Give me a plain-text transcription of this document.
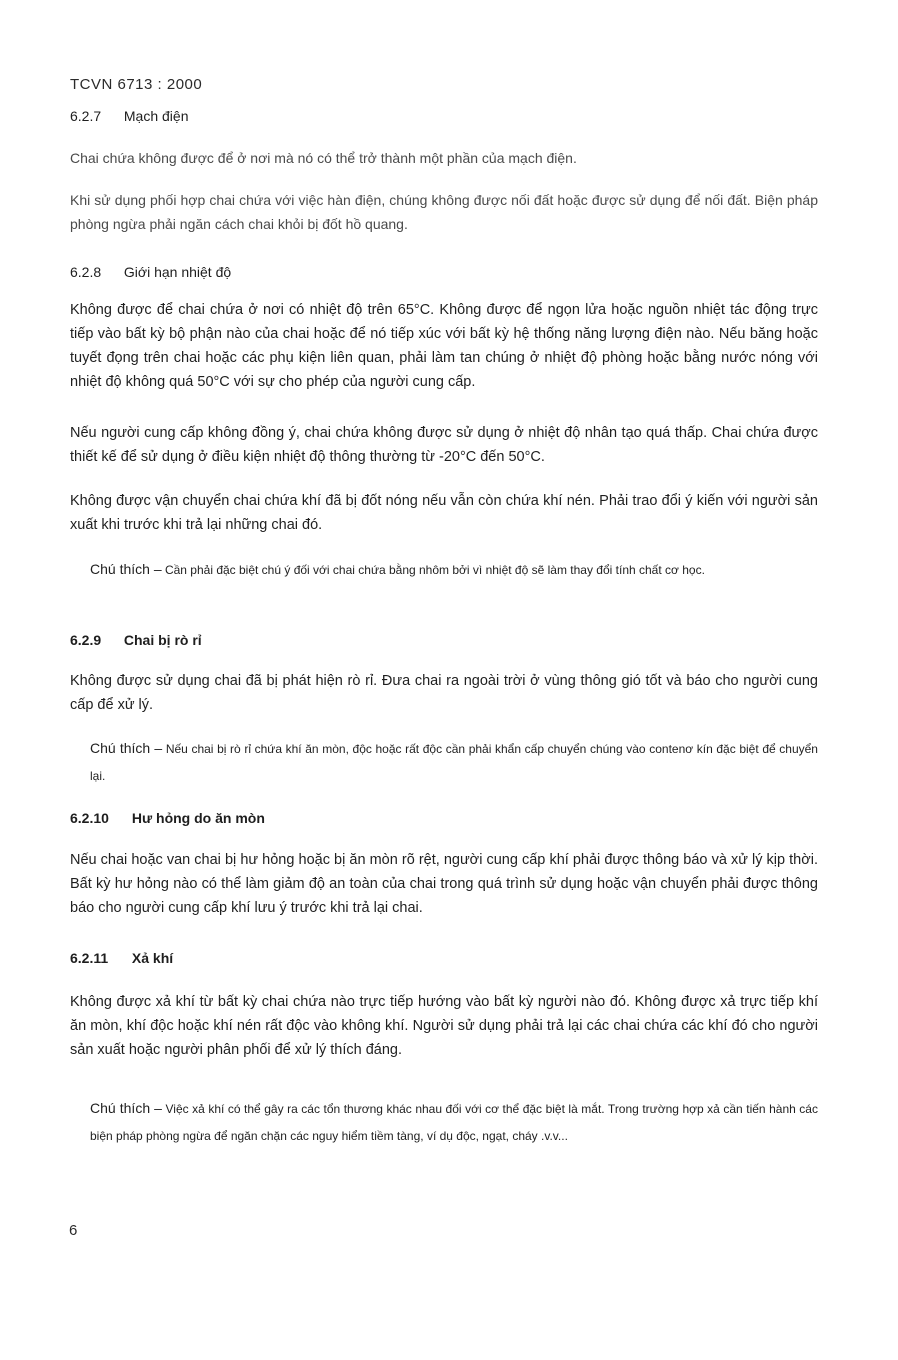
TCVN 6713 : 2000
6.2.7 Mạch điện
Chai chứa không được để ở nơi mà nó có thể trở thành một phần của mạch điện.
Khi sử dụng phối hợp chai chứa với việc hàn điện, chúng không được nối đất hoặc được sử dụng để nối đất. Biện pháp phòng ngừa phải ngăn cách chai khỏi bị đốt hồ quang.
6.2.8 Giới hạn nhiệt độ
Không được để chai chứa ở nơi có nhiệt độ trên 65°C. Không được để ngọn lửa hoặc nguồn nhiệt tác động trực tiếp vào bất kỳ bộ phận nào của chai hoặc để nó tiếp xúc với bất kỳ hệ thống năng lượng điện nào. Nếu băng hoặc tuyết đọng trên chai hoặc các phụ kiện liên quan, phải làm tan chúng ở nhiệt độ phòng hoặc bằng nước nóng với nhiệt độ không quá 50°C với sự cho phép của người cung cấp.
Nếu người cung cấp không đồng ý, chai chứa không được sử dụng ở nhiệt độ nhân tạo quá thấp. Chai chứa được thiết kế để sử dụng ở điều kiện nhiệt độ thông thường từ -20°C đến 50°C.
Không được vận chuyển chai chứa khí đã bị đốt nóng nếu vẫn còn chứa khí nén. Phải trao đổi ý kiến với người sản xuất khi trước khi trả lại những chai đó.
Chú thích – Cần phải đặc biệt chú ý đối với chai chứa bằng nhôm bởi vì nhiệt độ sẽ làm thay đổi tính chất cơ học.
6.2.9 Chai bị rò rỉ
Không được sử dụng chai đã bị phát hiện rò rỉ. Đưa chai ra ngoài trời ở vùng thông gió tốt và báo cho người cung cấp để xử lý.
Chú thích – Nếu chai bị rò rỉ chứa khí ăn mòn, độc hoặc rất độc cần phải khẩn cấp chuyển chúng vào contenơ kín đặc biệt để chuyển lại.
6.2.10 Hư hỏng do ăn mòn
Nếu chai hoặc van chai bị hư hỏng hoặc bị ăn mòn rõ rệt, người cung cấp khí phải được thông báo và xử lý kịp thời. Bất kỳ hư hỏng nào có thể làm giảm độ an toàn của chai trong quá trình sử dụng hoặc vận chuyển phải được thông báo cho người cung cấp khí lưu ý trước khi trả lại chai.
6.2.11 Xả khí
Không được xả khí từ bất kỳ chai chứa nào trực tiếp hướng vào bất kỳ người nào đó. Không được xả trực tiếp khí ăn mòn, khí độc hoặc khí nén rất độc vào không khí. Người sử dụng phải trả lại các chai chứa các khí đó cho người sản xuất hoặc người phân phối để xử lý thích đáng.
Chú thích – Việc xả khí có thể gây ra các tổn thương khác nhau đối với cơ thể đặc biệt là mắt. Trong trường hợp xả cần tiến hành các biện pháp phòng ngừa để ngăn chặn các nguy hiểm tiềm tàng, ví dụ độc, ngạt, cháy .v.v...
6
